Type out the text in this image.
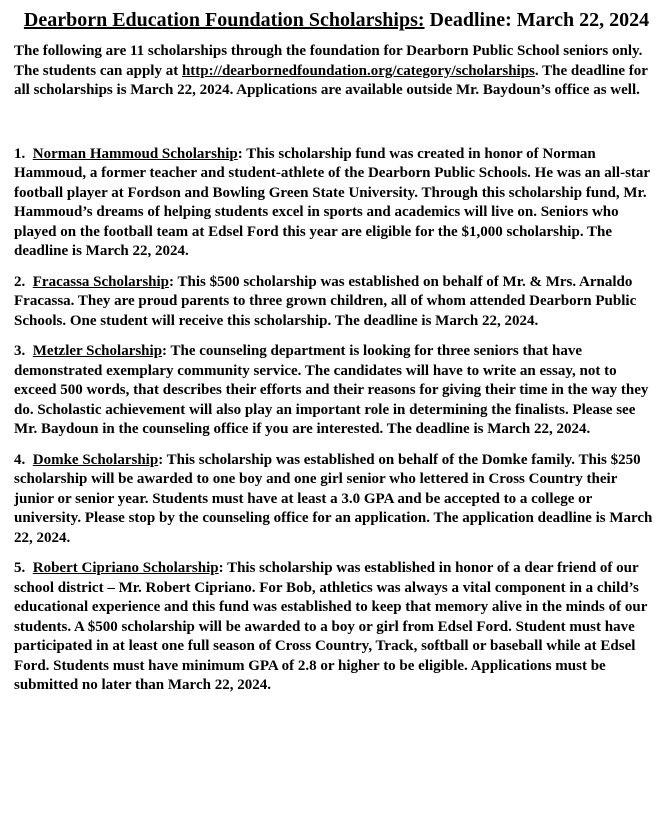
Dearborn Education Foundation Scholarships: Deadline: March 22, 2024
The following are 11 scholarships through the foundation for Dearborn Public School seniors only. The students can apply at http://dearbornedfoundation.org/category/scholarships. The deadline for all scholarships is March 22, 2024. Applications are available outside Mr. Baydoun’s office as well.
1. Norman Hammoud Scholarship: This scholarship fund was created in honor of Norman Hammoud, a former teacher and student-athlete of the Dearborn Public Schools. He was an all-star football player at Fordson and Bowling Green State University. Through this scholarship fund, Mr. Hammoud’s dreams of helping students excel in sports and academics will live on. Seniors who played on the football team at Edsel Ford this year are eligible for the $1,000 scholarship. The deadline is March 22, 2024.
2. Fracassa Scholarship: This $500 scholarship was established on behalf of Mr. & Mrs. Arnaldo Fracassa. They are proud parents to three grown children, all of whom attended Dearborn Public Schools. One student will receive this scholarship. The deadline is March 22, 2024.
3. Metzler Scholarship: The counseling department is looking for three seniors that have demonstrated exemplary community service. The candidates will have to write an essay, not to exceed 500 words, that describes their efforts and their reasons for giving their time in the way they do. Scholastic achievement will also play an important role in determining the finalists. Please see Mr. Baydoun in the counseling office if you are interested. The deadline is March 22, 2024.
4. Domke Scholarship: This scholarship was established on behalf of the Domke family. This $250 scholarship will be awarded to one boy and one girl senior who lettered in Cross Country their junior or senior year. Students must have at least a 3.0 GPA and be accepted to a college or university. Please stop by the counseling office for an application. The application deadline is March 22, 2024.
5. Robert Cipriano Scholarship: This scholarship was established in honor of a dear friend of our school district – Mr. Robert Cipriano. For Bob, athletics was always a vital component in a child’s educational experience and this fund was established to keep that memory alive in the minds of our students. A $500 scholarship will be awarded to a boy or girl from Edsel Ford. Student must have participated in at least one full season of Cross Country, Track, softball or baseball while at Edsel Ford. Students must have minimum GPA of 2.8 or higher to be eligible. Applications must be submitted no later than March 22, 2024.
